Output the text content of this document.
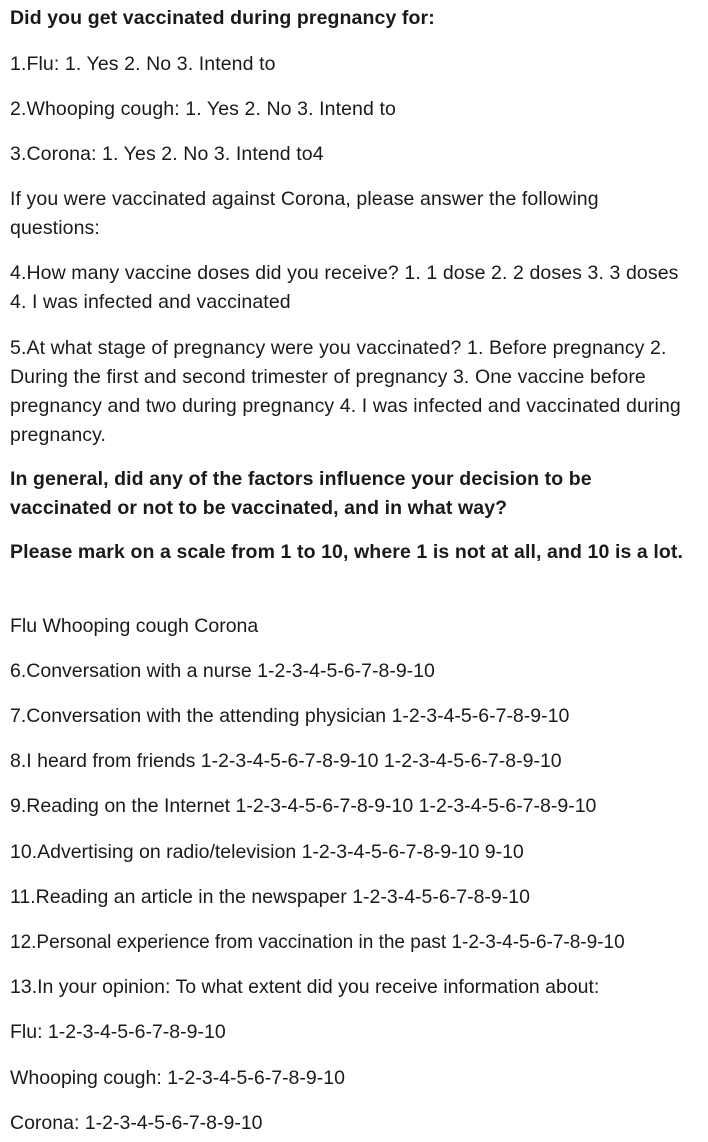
Did you get vaccinated during pregnancy for:

1.Flu: 1. Yes 2. No 3. Intend to

2.Whooping cough: 1. Yes 2. No 3. Intend to

3.Corona: 1. Yes 2. No 3. Intend to4

If you were vaccinated against Corona, please answer the following questions:

4.How many vaccine doses did you receive? 1. 1 dose 2. 2 doses 3. 3 doses 4. I was infected and vaccinated

5.At what stage of pregnancy were you vaccinated? 1. Before pregnancy 2. During the first and second trimester of pregnancy 3. One vaccine before pregnancy and two during pregnancy 4. I was infected and vaccinated during pregnancy.

In general, did any of the factors influence your decision to be vaccinated or not to be vaccinated, and in what way?

Please mark on a scale from 1 to 10, where 1 is not at all, and 10 is a lot.

Flu Whooping cough Corona

6.Conversation with a nurse 1-2-3-4-5-6-7-8-9-10

7.Conversation with the attending physician 1-2-3-4-5-6-7-8-9-10

8.I heard from friends 1-2-3-4-5-6-7-8-9-10 1-2-3-4-5-6-7-8-9-10

9.Reading on the Internet 1-2-3-4-5-6-7-8-9-10 1-2-3-4-5-6-7-8-9-10

10.Advertising on radio/television 1-2-3-4-5-6-7-8-9-10 9-10

11.Reading an article in the newspaper 1-2-3-4-5-6-7-8-9-10

12.Personal experience from vaccination in the past 1-2-3-4-5-6-7-8-9-10

13.In your opinion: To what extent did you receive information about:

Flu: 1-2-3-4-5-6-7-8-9-10

Whooping cough: 1-2-3-4-5-6-7-8-9-10

Corona: 1-2-3-4-5-6-7-8-9-10
